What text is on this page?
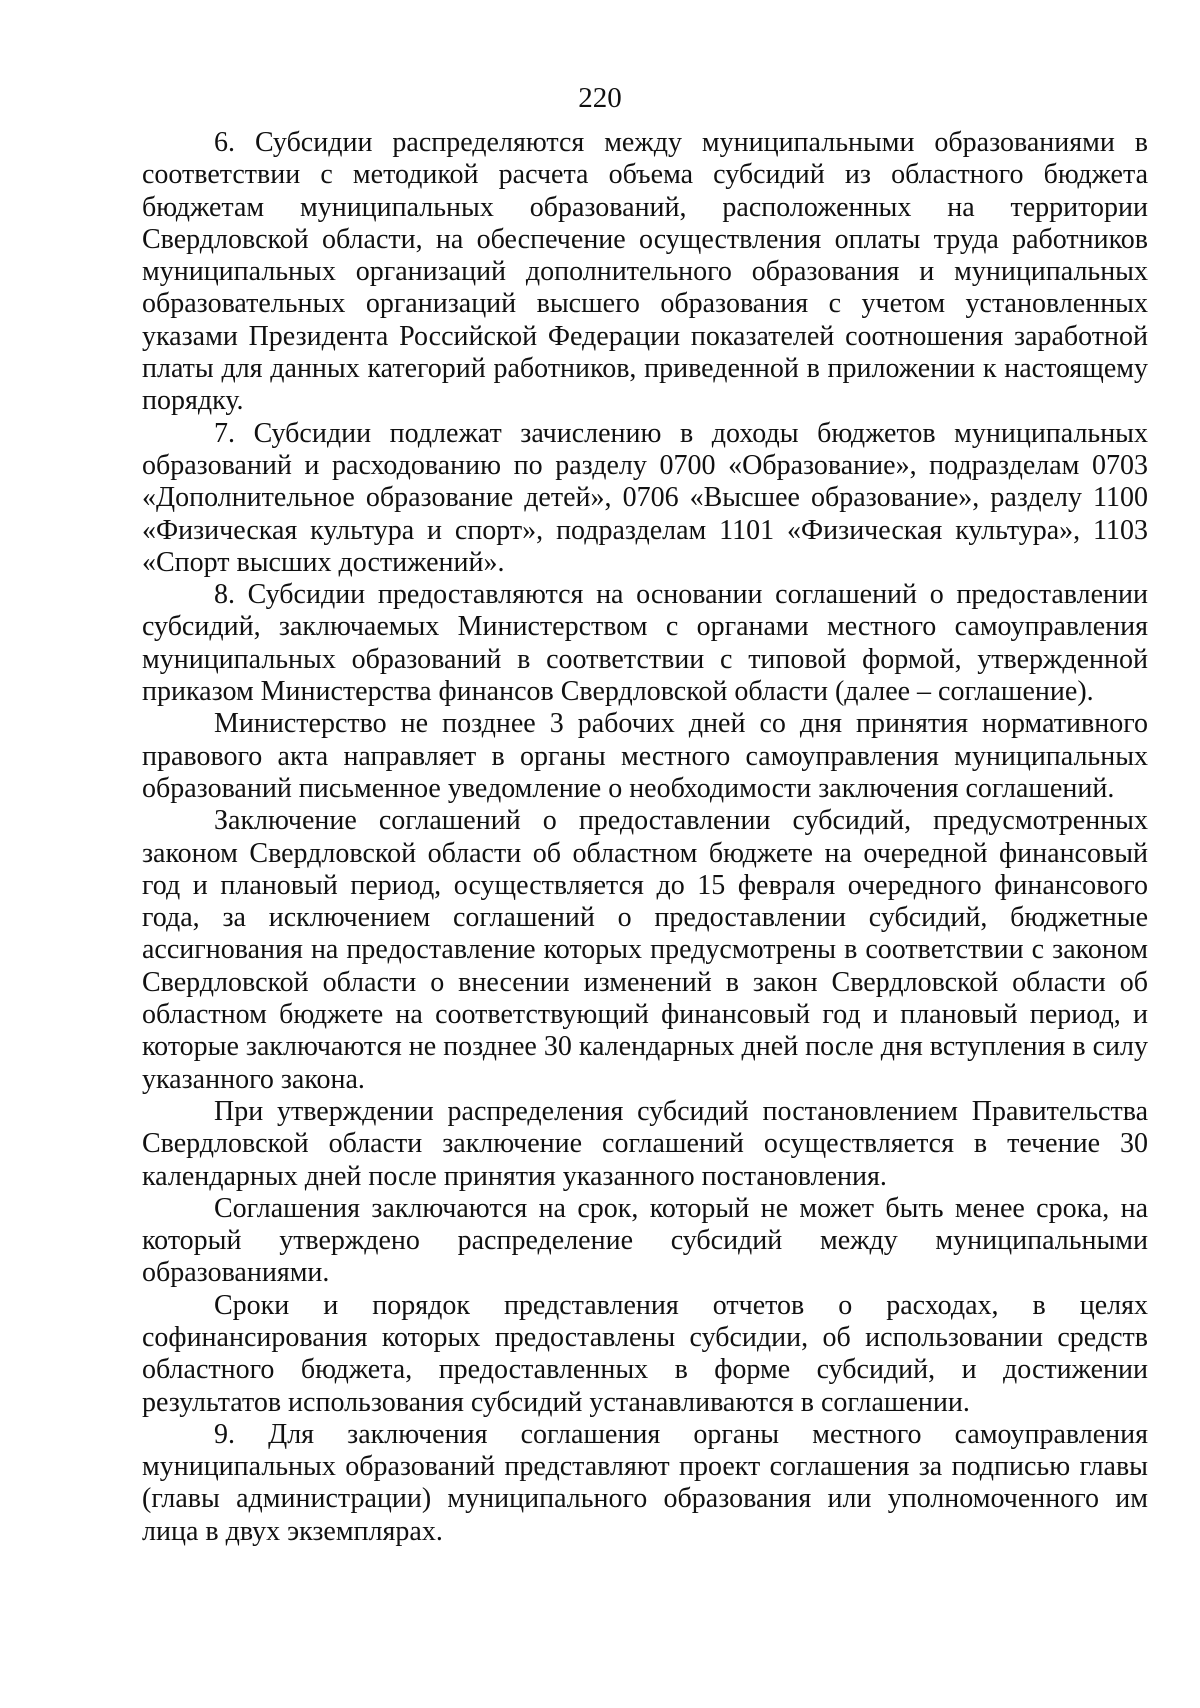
220

6. Субсидии распределяются между муниципальными образованиями в соответствии с методикой расчета объема субсидий из областного бюджета бюджетам муниципальных образований, расположенных на территории Свердловской области, на обеспечение осуществления оплаты труда работников муниципальных организаций дополнительного образования и муниципальных образовательных организаций высшего образования с учетом установленных указами Президента Российской Федерации показателей соотношения заработной платы для данных категорий работников, приведенной в приложении к настоящему порядку.

7. Субсидии подлежат зачислению в доходы бюджетов муниципальных образований и расходованию по разделу 0700 «Образование», подразделам 0703 «Дополнительное образование детей», 0706 «Высшее образование», разделу 1100 «Физическая культура и спорт», подразделам 1101 «Физическая культура», 1103 «Спорт высших достижений».

8. Субсидии предоставляются на основании соглашений о предоставлении субсидий, заключаемых Министерством с органами местного самоуправления муниципальных образований в соответствии с типовой формой, утвержденной приказом Министерства финансов Свердловской области (далее – соглашение).

Министерство не позднее 3 рабочих дней со дня принятия нормативного правового акта направляет в органы местного самоуправления муниципальных образований письменное уведомление о необходимости заключения соглашений.

Заключение соглашений о предоставлении субсидий, предусмотренных законом Свердловской области об областном бюджете на очередной финансовый год и плановый период, осуществляется до 15 февраля очередного финансового года, за исключением соглашений о предоставлении субсидий, бюджетные ассигнования на предоставление которых предусмотрены в соответствии с законом Свердловской области о внесении изменений в закон Свердловской области об областном бюджете на соответствующий финансовый год и плановый период, и которые заключаются не позднее 30 календарных дней после дня вступления в силу указанного закона.

При утверждении распределения субсидий постановлением Правительства Свердловской области заключение соглашений осуществляется в течение 30 календарных дней после принятия указанного постановления.

Соглашения заключаются на срок, который не может быть менее срока, на который утверждено распределение субсидий между муниципальными образованиями.

Сроки и порядок представления отчетов о расходах, в целях софинансирования которых предоставлены субсидии, об использовании средств областного бюджета, предоставленных в форме субсидий, и достижении результатов использования субсидий устанавливаются в соглашении.

9. Для заключения соглашения органы местного самоуправления муниципальных образований представляют проект соглашения за подписью главы (главы администрации) муниципального образования или уполномоченного им лица в двух экземплярах.
